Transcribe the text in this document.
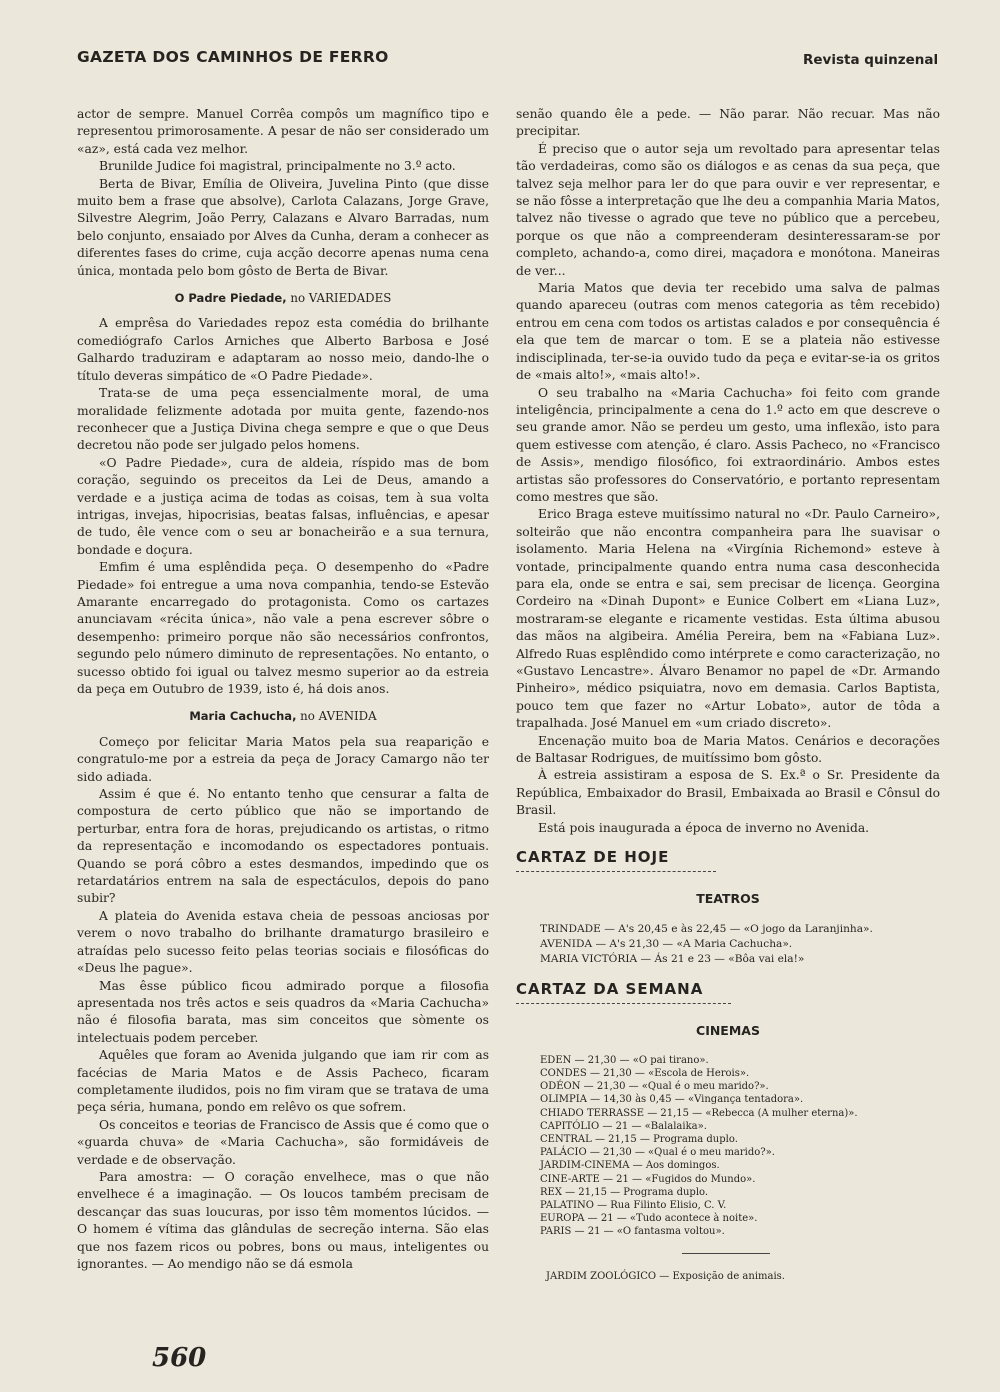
GAZETA DOS CAMINHOS DE FERRO	Revista quinzenal

actor de sempre. Manuel Corrêa compôs um magnífico tipo e representou primorosamente. A pesar de não ser considerado um «az», está cada vez melhor.

Brunilde Judice foi magistral, principalmente no 3.º acto.

Berta de Bivar, Emília de Oliveira, Juvelina Pinto (que disse muito bem a frase que absolve), Carlota Calazans, Jorge Grave, Silvestre Alegrim, João Perry, Calazans e Alvaro Barradas, num belo conjunto, ensaiado por Alves da Cunha, deram a conhecer as diferentes fases do crime, cuja acção decorre apenas numa cena única, montada pelo bom gôsto de Berta de Bivar.

O Padre Piedade, no VARIEDADES

A emprêsa do Variedades repoz esta comédia do brilhante comediógrafo Carlos Arniches que Alberto Barbosa e José Galhardo traduziram e adaptaram ao nosso meio, dando-lhe o título deveras simpático de «O Padre Piedade».

Trata-se de uma peça essencialmente moral, de uma moralidade felizmente adotada por muita gente, fazendo-nos reconhecer que a Justiça Divina chega sempre e que o que Deus decretou não pode ser julgado pelos homens.

«O Padre Piedade», cura de aldeia, ríspido mas de bom coração, seguindo os preceitos da Lei de Deus, amando a verdade e a justiça acima de todas as coisas, tem à sua volta intrigas, invejas, hipocrisias, beatas falsas, influências, e apesar de tudo, êle vence com o seu ar bonacheirão e a sua ternura, bondade e doçura.

Emfim é uma esplêndida peça. O desempenho do «Padre Piedade» foi entregue a uma nova companhia, tendo-se Estevão Amarante encarregado do protagonista. Como os cartazes anunciavam «récita única», não vale a pena escrever sôbre o desempenho: primeiro porque não são necessários confrontos, segundo pelo número diminuto de representações. No entanto, o sucesso obtido foi igual ou talvez mesmo superior ao da estreia da peça em Outubro de 1939, isto é, há dois anos.

Maria Cachucha, no AVENIDA

Começo por felicitar Maria Matos pela sua reaparição e congratulo-me por a estreia da peça de Joracy Camargo não ter sido adiada.

Assim é que é. No entanto tenho que censurar a falta de compostura de certo público que não se importando de perturbar, entra fora de horas, prejudicando os artistas, o ritmo da representação e incomodando os espectadores pontuais. Quando se porá côbro a estes desmandos, impedindo que os retardatários entrem na sala de espectáculos, depois do pano subir?

A plateia do Avenida estava cheia de pessoas anciosas por verem o novo trabalho do brilhante dramaturgo brasileiro e atraídas pelo sucesso feito pelas teorias sociais e filosóficas do «Deus lhe pague».

Mas êsse público ficou admirado porque a filosofia apresentada nos três actos e seis quadros da «Maria Cachucha» não é filosofia barata, mas sim conceitos que sòmente os intelectuais podem perceber.

Aquêles que foram ao Avenida julgando que iam rir com as facécias de Maria Matos e de Assis Pacheco, ficaram completamente iludidos, pois no fim viram que se tratava de uma peça séria, humana, pondo em relêvo os que sofrem.

Os conceitos e teorias de Francisco de Assis que é como que o «guarda chuva» de «Maria Cachucha», são formidáveis de verdade e de observação.

Para amostra: — O coração envelhece, mas o que não envelhece é a imaginação. — Os loucos também precisam de descançar das suas loucuras, por isso têm momentos lúcidos. — O homem é vítima das glândulas de secreção interna. São elas que nos fazem ricos ou pobres, bons ou maus, inteligentes ou ignorantes. — Ao mendigo não se dá esmola

senão quando êle a pede. — Não parar. Não recuar. Mas não precipitar.

É preciso que o autor seja um revoltado para apresentar telas tão verdadeiras, como são os diálogos e as cenas da sua peça, que talvez seja melhor para ler do que para ouvir e ver representar, e se não fôsse a interpretação que lhe deu a companhia Maria Matos, talvez não tivesse o agrado que teve no público que a percebeu, porque os que não a compreenderam desinteressaram-se por completo, achando-a, como direi, maçadora e monótona. Maneiras de ver...

Maria Matos que devia ter recebido uma salva de palmas quando apareceu (outras com menos categoria as têm recebido) entrou em cena com todos os artistas calados e por consequência é ela que tem de marcar o tom. E se a plateia não estivesse indisciplinada, ter-se-ia ouvido tudo da peça e evitar-se-ia os gritos de «mais alto!», «mais alto!».

O seu trabalho na «Maria Cachucha» foi feito com grande inteligência, principalmente a cena do 1.º acto em que descreve o seu grande amor. Não se perdeu um gesto, uma inflexão, isto para quem estivesse com atenção, é claro. Assis Pacheco, no «Francisco de Assis», mendigo filosófico, foi extraordinário. Ambos estes artistas são professores do Conservatório, e portanto representam como mestres que são.

Erico Braga esteve muitíssimo natural no «Dr. Paulo Carneiro», solteirão que não encontra companheira para lhe suavisar o isolamento. Maria Helena na «Virgínia Richemond» esteve à vontade, principalmente quando entra numa casa desconhecida para ela, onde se entra e sai, sem precisar de licença. Georgina Cordeiro na «Dinah Dupont» e Eunice Colbert em «Liana Luz», mostraram-se elegante e ricamente vestidas. Esta última abusou das mãos na algibeira. Amélia Pereira, bem na «Fabiana Luz». Alfredo Ruas esplêndido como intérprete e como caracterização, no «Gustavo Lencastre». Álvaro Benamor no papel de «Dr. Armando Pinheiro», médico psiquiatra, novo em demasia. Carlos Baptista, pouco tem que fazer no «Artur Lobato», autor de tôda a trapalhada. José Manuel em «um criado discreto».

Encenação muito boa de Maria Matos. Cenários e decorações de Baltasar Rodrigues, de muitíssimo bom gôsto.

À estreia assistiram a esposa de S. Ex.ª o Sr. Presidente da República, Embaixador do Brasil, Embaixada ao Brasil e Cônsul do Brasil.

Está pois inaugurada a época de inverno no Avenida.

CARTAZ DE HOJE
TEATROS
TRINDADE — A's 20,45 e às 22,45 — «O jogo da Laranjinha».
AVENIDA — A's 21,30 — «A Maria Cachucha».
MARIA VICTÓRIA — Ás 21 e 23 — «Bôa vai ela!»
CARTAZ DA SEMANA
CINEMAS
EDEN — 21,30 — «O pai tirano».
CONDES — 21,30 — «Escola de Herois».
ODÉON — 21,30 — «Qual é o meu marido?».
OLIMPIA — 14,30 às 0,45 — «Vingança tentadora».
CHIADO TERRASSE — 21,15 — «Rebecca (A mulher eterna)».
CAPITÓLIO — 21 — «Balalaika».
CENTRAL — 21,15 — Programa duplo.
PALÁCIO — 21,30 — «Qual é o meu marido?».
JARDIM-CINEMA — Aos domingos.
CINE-ARTE — 21 — «Fugidos do Mundo».
REX — 21,15 — Programa duplo.
PALATINO — Rua Filinto Elisio, C. V.
EUROPA — 21 — «Tudo acontece à noite».
PARIS — 21 — «O fantasma voltou».
JARDIM ZOOLÓGICO — Exposição de animais.
560
